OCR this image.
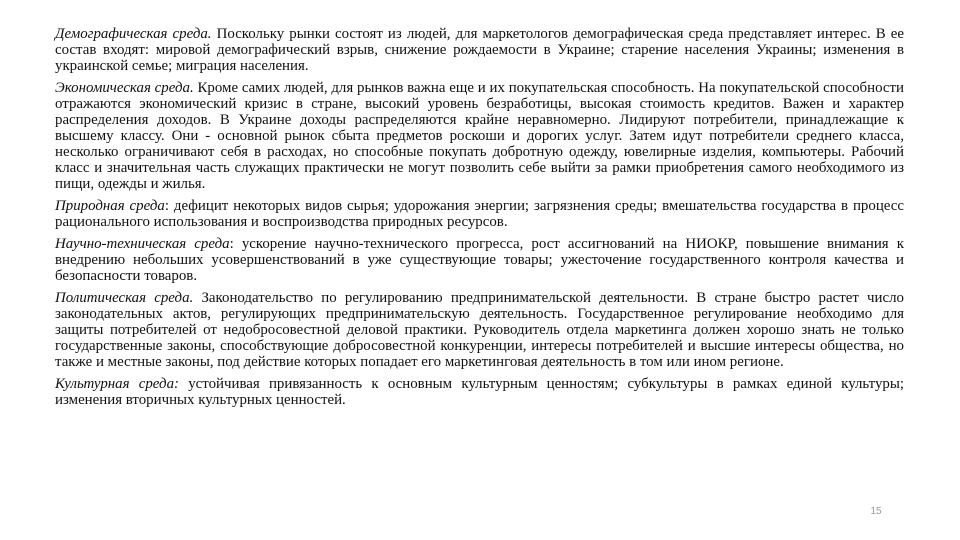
Демографическая среда. Поскольку рынки состоят из людей, для маркетологов демографическая среда представляет интерес. В ее состав входят: мировой демографический взрыв, снижение рождаемости в Украине; старение населения Украины; изменения в украинской семье; миграция населения.

Экономическая среда. Кроме самих людей, для рынков важна еще и их покупательская способность. На покупательской способности отражаются экономический кризис в стране, высокий уровень безработицы, высокая стоимость кредитов. Важен и характер распределения доходов. В Украине доходы распределяются крайне неравномерно. Лидируют потребители, принадлежащие к высшему классу. Они - основной рынок сбыта предметов роскоши и дорогих услуг. Затем идут потребители среднего класса, несколько ограничивают себя в расходах, но способные покупать добротную одежду, ювелирные изделия, компьютеры. Рабочий класс и значительная часть служащих практически не могут позволить себе выйти за рамки приобретения самого необходимого из пищи, одежды и жилья.

Природная среда: дефицит некоторых видов сырья; удорожания энергии; загрязнения среды; вмешательства государства в процесс рационального использования и воспроизводства природных ресурсов.

Научно-техническая среда: ускорение научно-технического прогресса, рост ассигнований на НИОКР, повышение внимания к внедрению небольших усовершенствований в уже существующие товары; ужесточение государственного контроля качества и безопасности товаров.

Политическая среда. Законодательство по регулированию предпринимательской деятельности. В стране быстро растет число законодательных актов, регулирующих предпринимательскую деятельность. Государственное регулирование необходимо для защиты потребителей от недобросовестной деловой практики. Руководитель отдела маркетинга должен хорошо знать не только государственные законы, способствующие добросовестной конкуренции, интересы потребителей и высшие интересы общества, но также и местные законы, под действие которых попадает его маркетинговая деятельность в том или ином регионе.

Культурная среда: устойчивая привязанность к основным культурным ценностям; субкультуры в рамках единой культуры; изменения вторичных культурных ценностей.

15
